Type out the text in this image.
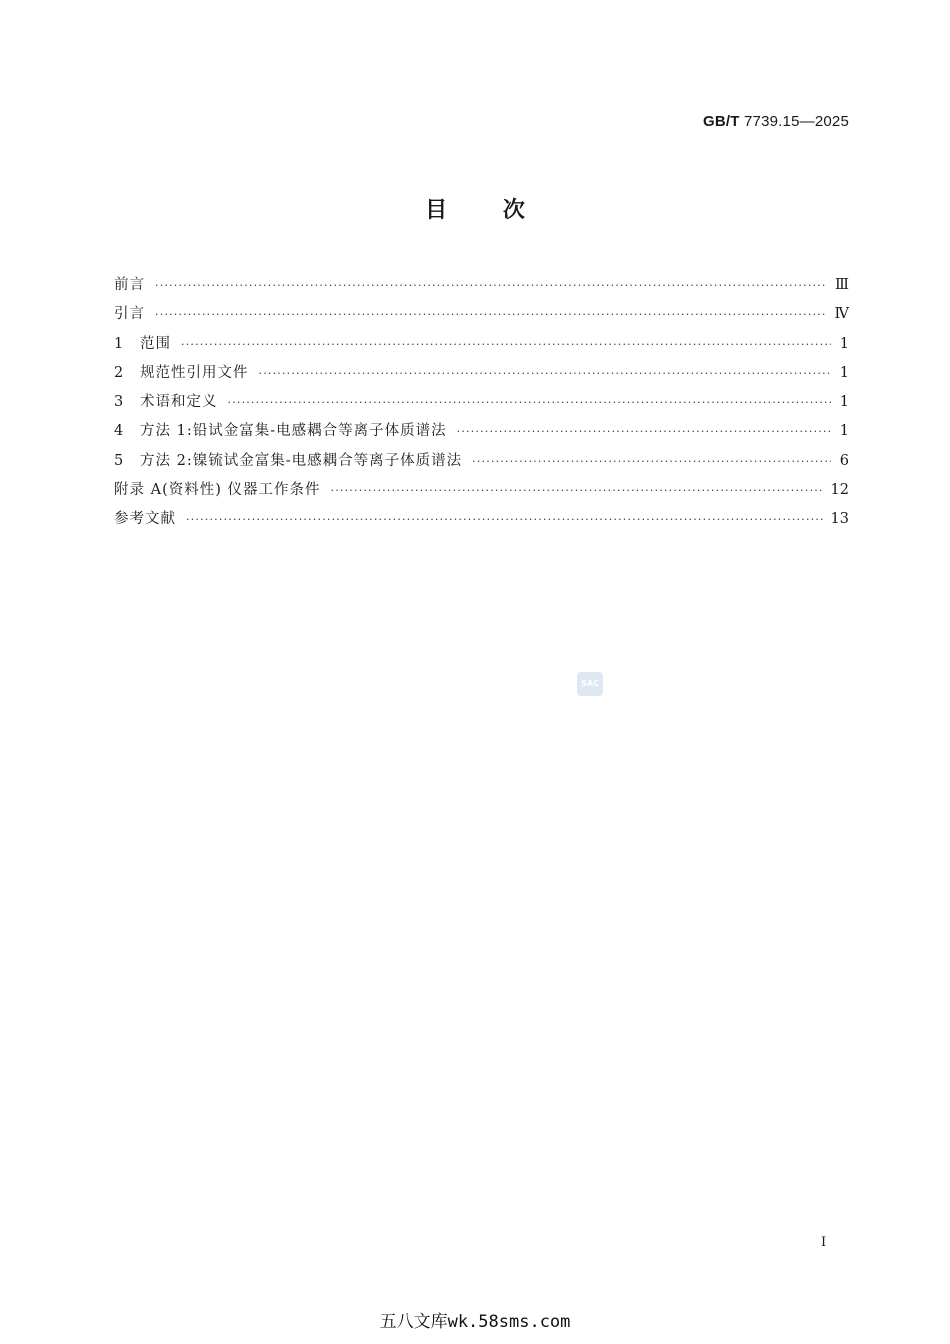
GB/T 7739.15—2025
目 次
前言 ·····	Ⅲ
引言 ·····	Ⅳ
1	范围 ·····	1
2	规范性引用文件 ·····	1
3	术语和定义 ·····	1
4	方法 1:铅试金富集-电感耦合等离子体质谱法 ·····	1
5	方法 2:镍锍试金富集-电感耦合等离子体质谱法 ·····	6
附录 A(资料性) 仪器工作条件 ·····	12
参考文献 ·····	13
SAC
I
五八文库wk.58sms.com
